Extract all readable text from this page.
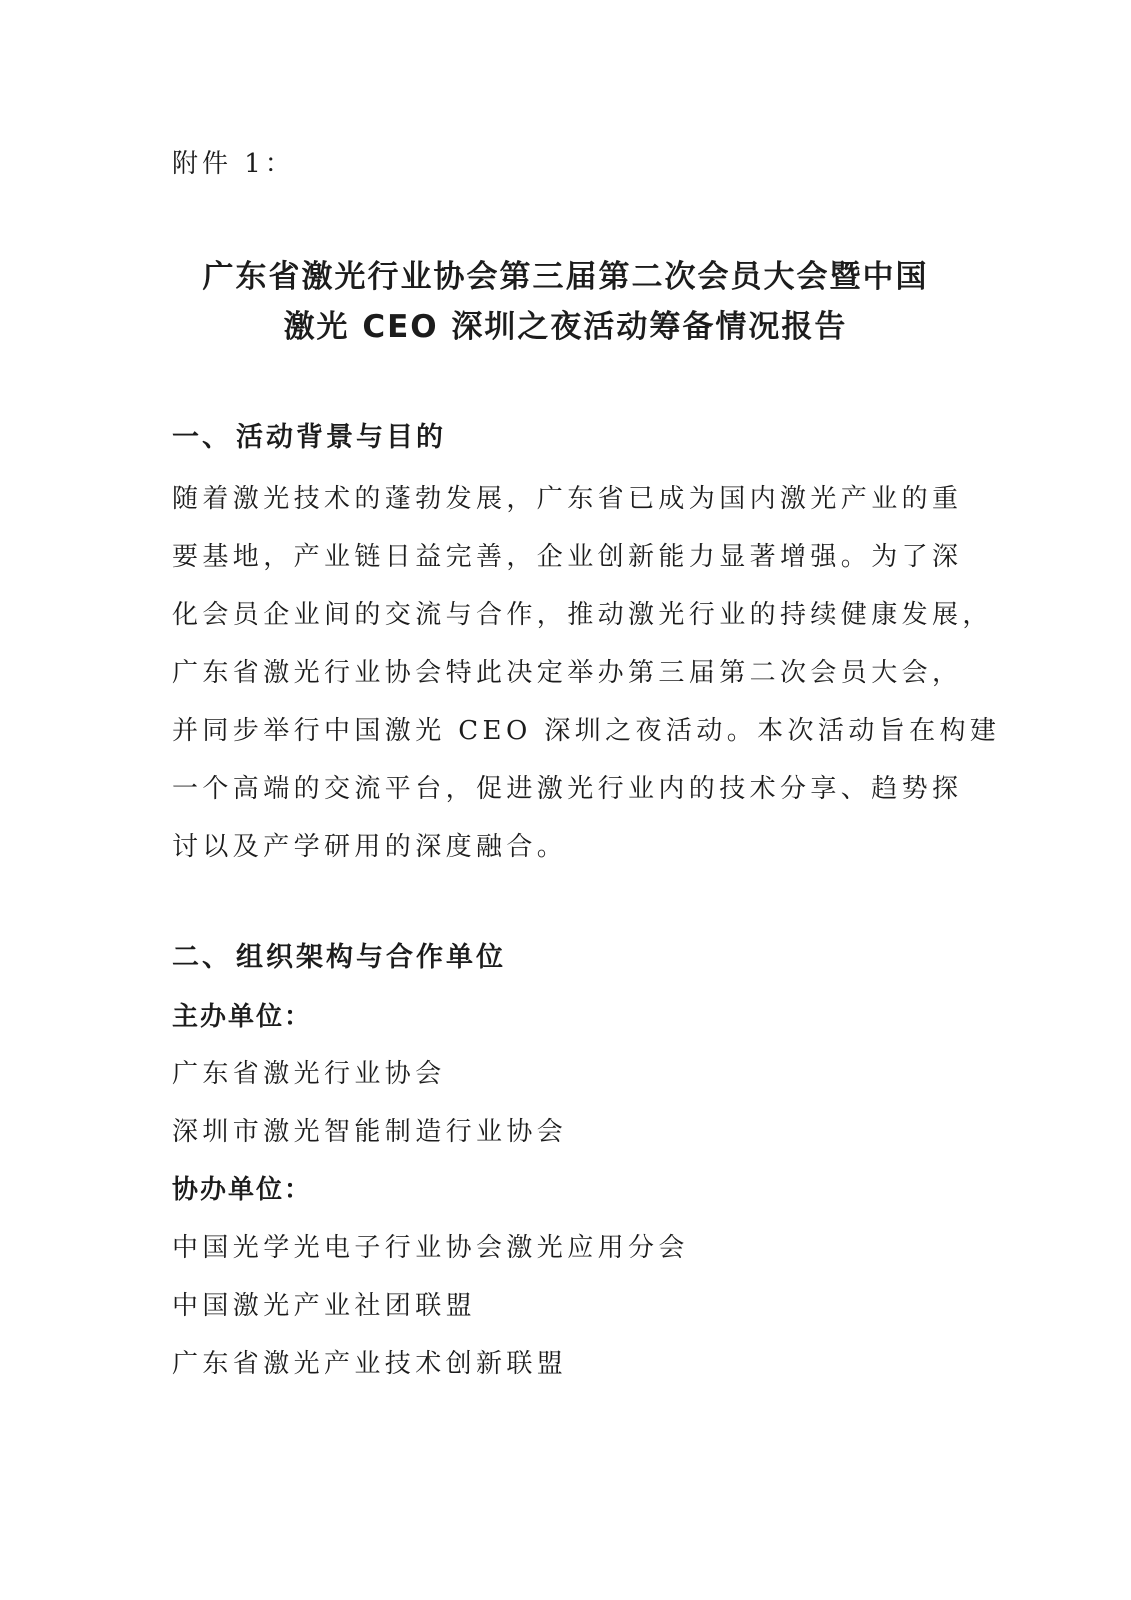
附件 1：
广东省激光行业协会第三届第二次会员大会暨中国
激光 CEO 深圳之夜活动筹备情况报告
一、 活动背景与目的

随着激光技术的蓬勃发展，广东省已成为国内激光产业的重
要基地，产业链日益完善，企业创新能力显著增强。为了深
化会员企业间的交流与合作，推动激光行业的持续健康发展，
广东省激光行业协会特此决定举办第三届第二次会员大会，
并同步举行中国激光 CEO 深圳之夜活动。本次活动旨在构建
一个高端的交流平台，促进激光行业内的技术分享、趋势探
讨以及产学研用的深度融合。

二、 组织架构与合作单位

主办单位：

广东省激光行业协会

深圳市激光智能制造行业协会

协办单位：

中国光学光电子行业协会激光应用分会

中国激光产业社团联盟

广东省激光产业技术创新联盟
